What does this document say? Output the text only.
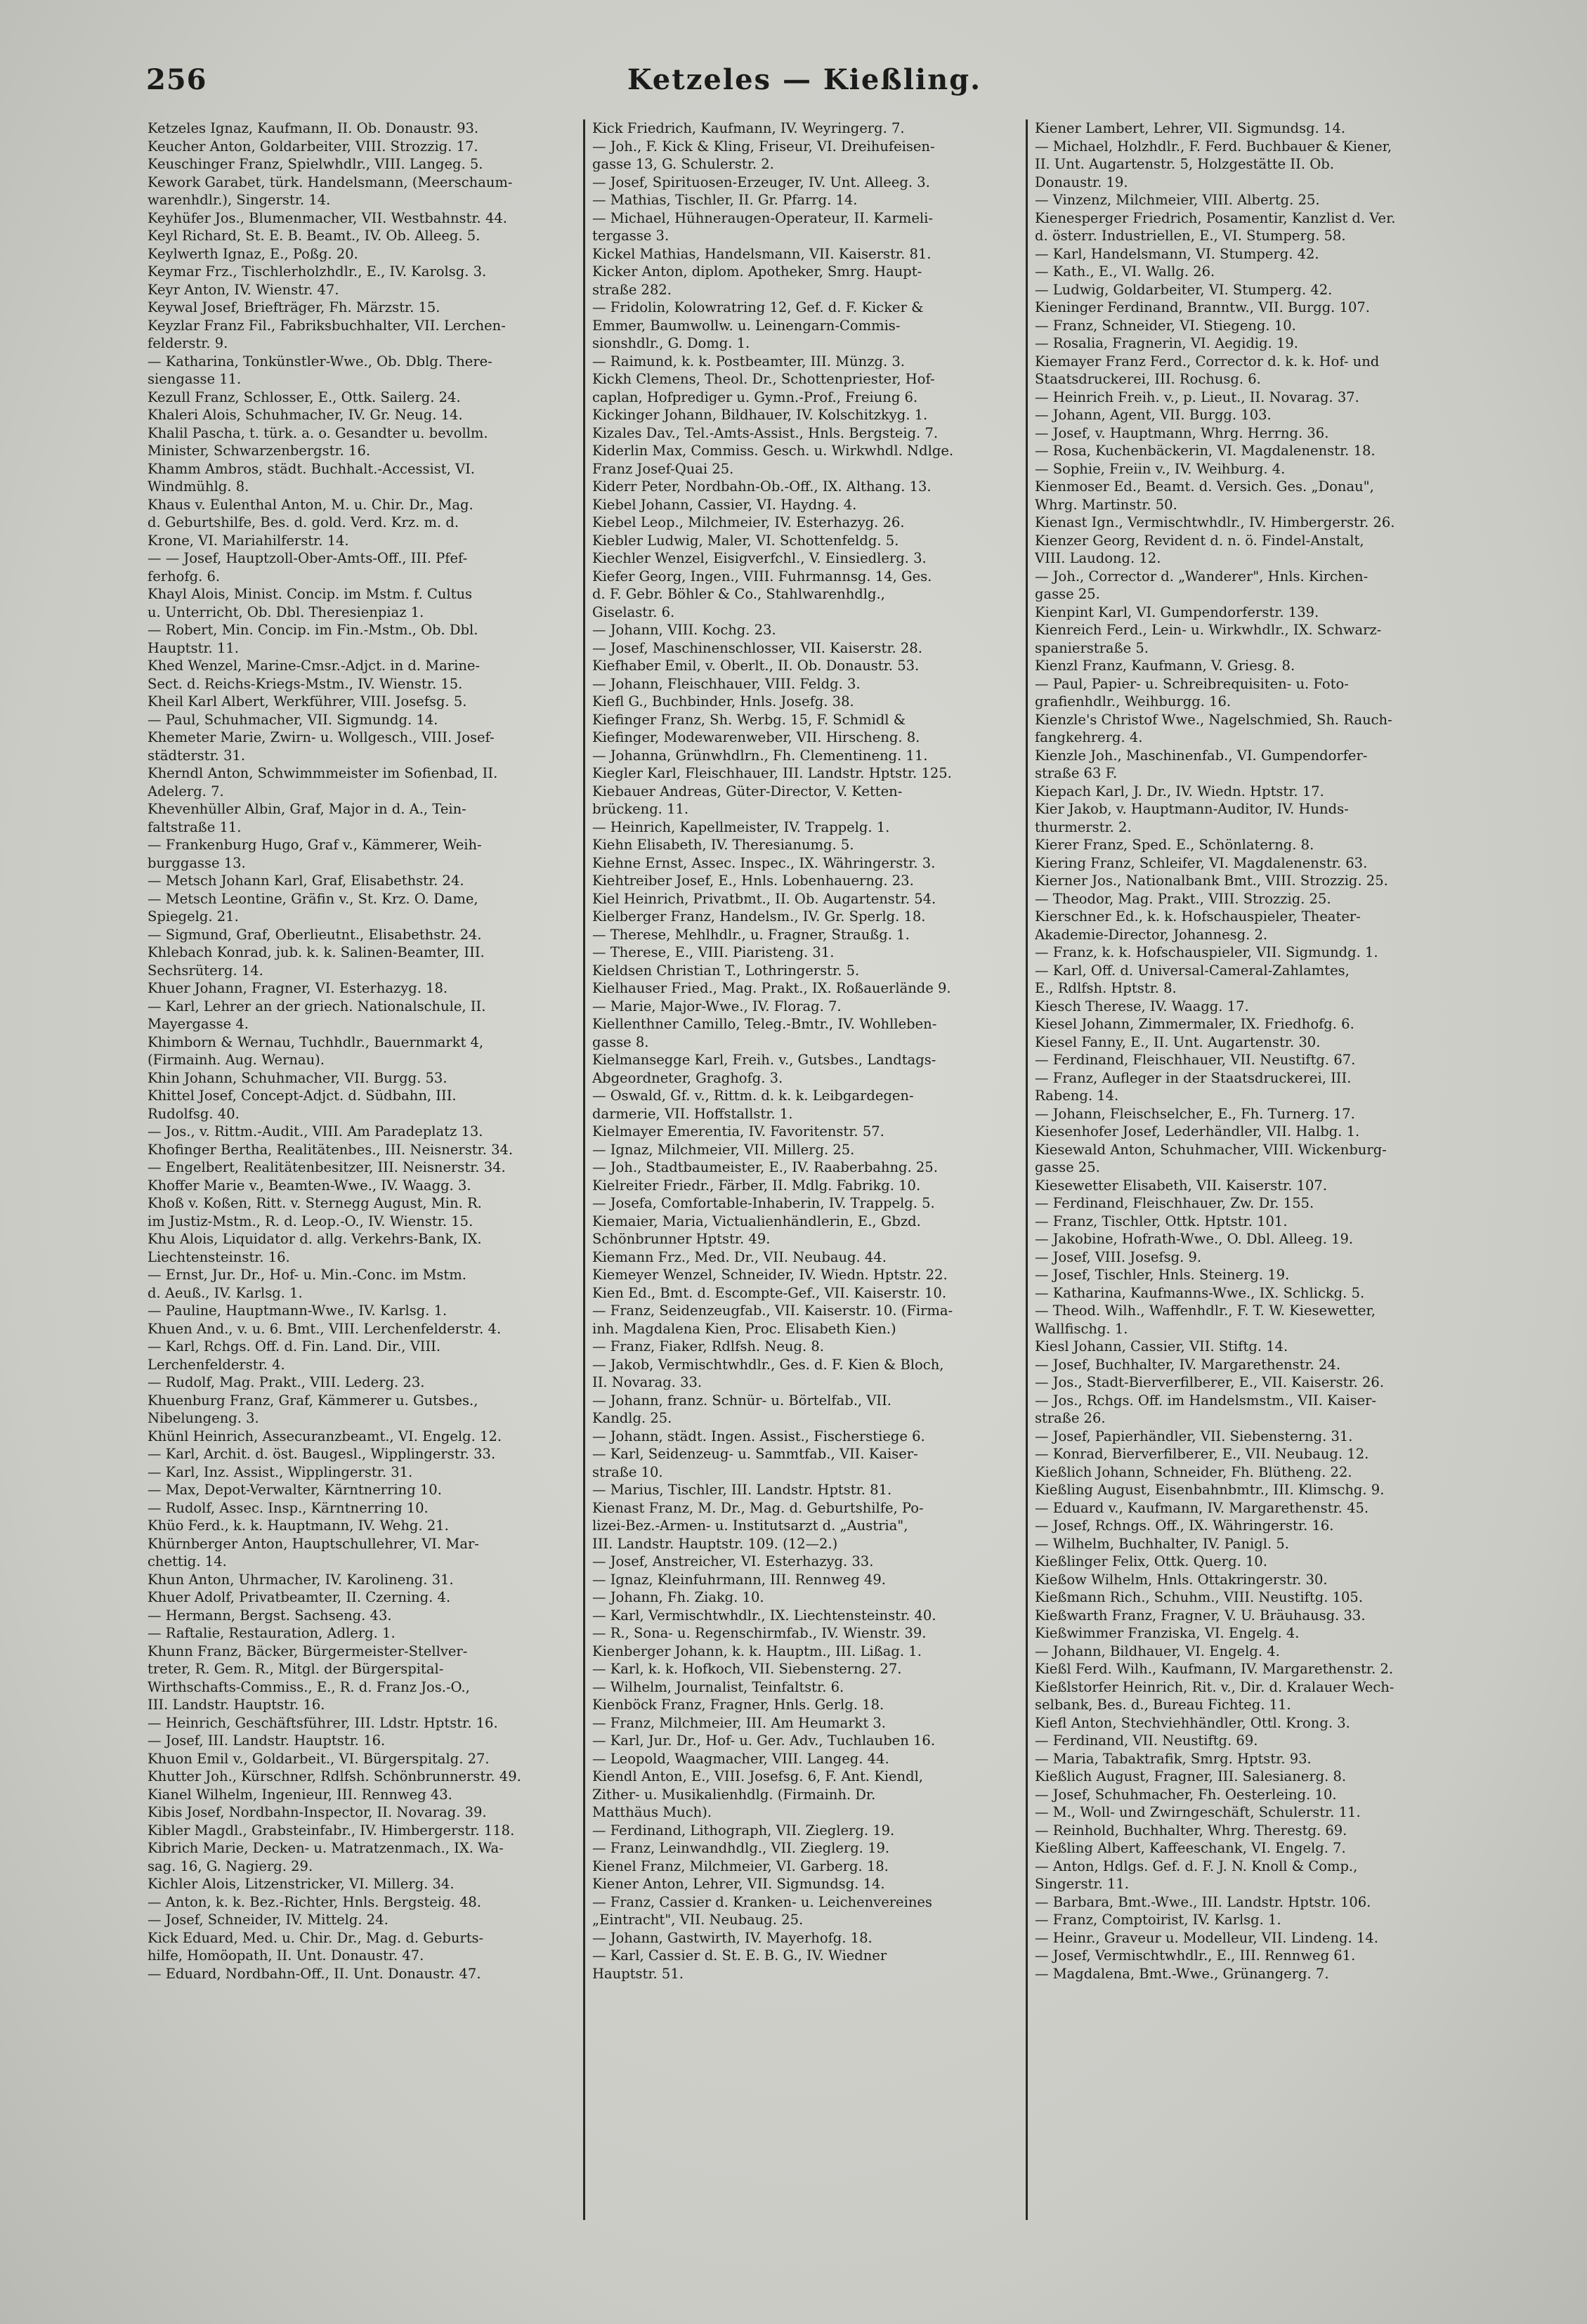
256	Ketzeles — Kießling.
Ketzeles Ignaz, Kaufmann, II. Ob. Donaustr. 93.
Keucher Anton, Goldarbeiter, VIII. Strozzig. 17.
Keuschinger Franz, Spielwhdlr., VIII. Langeg. 5.
Kework Garabet, türk. Handelsmann, (Meerschaum-
warenhdlr.), Singerstr. 14.
Keyhüfer Jos., Blumenmacher, VII. Westbahnstr. 44.
Keyl Richard, St. E. B. Beamt., IV. Ob. Alleeg. 5.
Keylwerth Ignaz, E., Poßg. 20.
Keymar Frz., Tischlerholzhdlr., E., IV. Karolsg. 3.
Keyr Anton, IV. Wienstr. 47.
Keywal Josef, Briefträger, Fh. Märzstr. 15.
Keyzlar Franz Fil., Fabriksbuchhalter, VII. Lerchen-
felderstr. 9.
— Katharina, Tonkünstler-Wwe., Ob. Dblg. There-
siengasse 11.
Kezull Franz, Schlosser, E., Ottk. Sailerg. 24.
Khaleri Alois, Schuhmacher, IV. Gr. Neug. 14.
Khalil Pascha, t. türk. a. o. Gesandter u. bevollm.
Minister, Schwarzenbergstr. 16.
Khamm Ambros, städt. Buchhalt.-Accessist, VI.
Windmühlg. 8.
Khaus v. Eulenthal Anton, M. u. Chir. Dr., Mag.
d. Geburtshilfe, Bes. d. gold. Verd. Krz. m. d.
Krone, VI. Mariahilferstr. 14.
— — Josef, Hauptzoll-Ober-Amts-Off., III. Pfef-
ferhofg. 6.
Khayl Alois, Minist. Concip. im Mstm. f. Cultus
u. Unterricht, Ob. Dbl. Theresienpiaz 1.
— Robert, Min. Concip. im Fin.-Mstm., Ob. Dbl.
Hauptstr. 11.
Khed Wenzel, Marine-Cmsr.-Adjct. in d. Marine-
Sect. d. Reichs-Kriegs-Mstm., IV. Wienstr. 15.
Kheil Karl Albert, Werkführer, VIII. Josefsg. 5.
— Paul, Schuhmacher, VII. Sigmundg. 14.
Khemeter Marie, Zwirn- u. Wollgesch., VIII. Josef-
städterstr. 31.
Kherndl Anton, Schwimmmeister im Sofienbad, II.
Adelerg. 7.
Khevenhüller Albin, Graf, Major in d. A., Tein-
faltstraße 11.
— Frankenburg Hugo, Graf v., Kämmerer, Weih-
burggasse 13.
— Metsch Johann Karl, Graf, Elisabethstr. 24.
— Metsch Leontine, Gräfin v., St. Krz. O. Dame,
Spiegelg. 21.
— Sigmund, Graf, Oberlieutnt., Elisabethstr. 24.
Khlebach Konrad, jub. k. k. Salinen-Beamter, III.
Sechsrüterg. 14.
Khuer Johann, Fragner, VI. Esterhazyg. 18.
— Karl, Lehrer an der griech. Nationalschule, II.
Mayergasse 4.
Khimborn & Wernau, Tuchhdlr., Bauernmarkt 4,
(Firmainh. Aug. Wernau).
Khin Johann, Schuhmacher, VII. Burgg. 53.
Khittel Josef, Concept-Adjct. d. Südbahn, III.
Rudolfsg. 40.
— Jos., v. Rittm.-Audit., VIII. Am Paradeplatz 13.
Khofinger Bertha, Realitätenbes., III. Neisnerstr. 34.
— Engelbert, Realitätenbesitzer, III. Neisnerstr. 34.
Khoffer Marie v., Beamten-Wwe., IV. Waagg. 3.
Khoß v. Koßen, Ritt. v. Sternegg August, Min. R.
im Justiz-Mstm., R. d. Leop.-O., IV. Wienstr. 15.
Khu Alois, Liquidator d. allg. Verkehrs-Bank, IX.
Liechtensteinstr. 16.
— Ernst, Jur. Dr., Hof- u. Min.-Conc. im Mstm.
d. Aeuß., IV. Karlsg. 1.
— Pauline, Hauptmann-Wwe., IV. Karlsg. 1.
Khuen And., v. u. 6. Bmt., VIII. Lerchenfelderstr. 4.
— Karl, Rchgs. Off. d. Fin. Land. Dir., VIII.
Lerchenfelderstr. 4.
— Rudolf, Mag. Prakt., VIII. Lederg. 23.
Khuenburg Franz, Graf, Kämmerer u. Gutsbes.,
Nibelungeng. 3.
Khünl Heinrich, Assecuranzbeamt., VI. Engelg. 12.
— Karl, Archit. d. öst. Baugesl., Wipplingerstr. 33.
— Karl, Inz. Assist., Wipplingerstr. 31.
— Max, Depot-Verwalter, Kärntnerring 10.
— Rudolf, Assec. Insp., Kärntnerring 10.
Khüo Ferd., k. k. Hauptmann, IV. Wehg. 21.
Khürnberger Anton, Hauptschullehrer, VI. Mar-
chettig. 14.
Khun Anton, Uhrmacher, IV. Karolineng. 31.
Khuer Adolf, Privatbeamter, II. Czerning. 4.
— Hermann, Bergst. Sachseng. 43.
— Raftalie, Restauration, Adlerg. 1.
Khunn Franz, Bäcker, Bürgermeister-Stellver-
treter, R. Gem. R., Mitgl. der Bürgerspital-
Wirthschafts-Commiss., E., R. d. Franz Jos.-O.,
III. Landstr. Hauptstr. 16.
— Heinrich, Geschäftsführer, III. Ldstr. Hptstr. 16.
— Josef, III. Landstr. Hauptstr. 16.
Khuon Emil v., Goldarbeit., VI. Bürgerspitalg. 27.
Khutter Joh., Kürschner, Rdlfsh. Schönbrunnerstr. 49.
Kianel Wilhelm, Ingenieur, III. Rennweg 43.
Kibis Josef, Nordbahn-Inspector, II. Novarag. 39.
Kibler Magdl., Grabsteinfabr., IV. Himbergerstr. 118.
Kibrich Marie, Decken- u. Matratzenmach., IX. Wa-
sag. 16, G. Nagierg. 29.
Kichler Alois, Litzenstricker, VI. Millerg. 34.
— Anton, k. k. Bez.-Richter, Hnls. Bergsteig. 48.
— Josef, Schneider, IV. Mittelg. 24.
Kick Eduard, Med. u. Chir. Dr., Mag. d. Geburts-
hilfe, Homöopath, II. Unt. Donaustr. 47.
— Eduard, Nordbahn-Off., II. Unt. Donaustr. 47.
Kick Friedrich, Kaufmann, IV. Weyringerg. 7.
— Joh., F. Kick & Kling, Friseur, VI. Dreihufeisen-
gasse 13, G. Schulerstr. 2.
— Josef, Spirituosen-Erzeuger, IV. Unt. Alleeg. 3.
— Mathias, Tischler, II. Gr. Pfarrg. 14.
— Michael, Hühneraugen-Operateur, II. Karmeli-
tergasse 3.
Kickel Mathias, Handelsmann, VII. Kaiserstr. 81.
Kicker Anton, diplom. Apotheker, Smrg. Haupt-
straße 282.
— Fridolin, Kolowratring 12, Gef. d. F. Kicker &
Emmer, Baumwollw. u. Leinengarn-Commis-
sionshdlr., G. Domg. 1.
— Raimund, k. k. Postbeamter, III. Münzg. 3.
Kickh Clemens, Theol. Dr., Schottenpriester, Hof-
caplan, Hofprediger u. Gymn.-Prof., Freiung 6.
Kickinger Johann, Bildhauer, IV. Kolschitzkyg. 1.
Kizales Dav., Tel.-Amts-Assist., Hnls. Bergsteig. 7.
Kiderlin Max, Commiss. Gesch. u. Wirkwhdl. Ndlge.
Franz Josef-Quai 25.
Kiderr Peter, Nordbahn-Ob.-Off., IX. Althang. 13.
Kiebel Johann, Cassier, VI. Haydng. 4.
Kiebel Leop., Milchmeier, IV. Esterhazyg. 26.
Kiebler Ludwig, Maler, VI. Schottenfeldg. 5.
Kiechler Wenzel, Eisigverfchl., V. Einsiedlerg. 3.
Kiefer Georg, Ingen., VIII. Fuhrmannsg. 14, Ges.
d. F. Gebr. Böhler & Co., Stahlwarenhdlg.,
Giselastr. 6.
— Johann, VIII. Kochg. 23.
— Josef, Maschinenschlosser, VII. Kaiserstr. 28.
Kiefhaber Emil, v. Oberlt., II. Ob. Donaustr. 53.
— Johann, Fleischhauer, VIII. Feldg. 3.
Kiefl G., Buchbinder, Hnls. Josefg. 38.
Kiefinger Franz, Sh. Werbg. 15, F. Schmidl &
Kiefinger, Modewarenweber, VII. Hirscheng. 8.
— Johanna, Grünwhdlrn., Fh. Clementineng. 11.
Kiegler Karl, Fleischhauer, III. Landstr. Hptstr. 125.
Kiebauer Andreas, Güter-Director, V. Ketten-
brückeng. 11.
— Heinrich, Kapellmeister, IV. Trappelg. 1.
Kiehn Elisabeth, IV. Theresianumg. 5.
Kiehne Ernst, Assec. Inspec., IX. Währingerstr. 3.
Kiehtreiber Josef, E., Hnls. Lobenhauerng. 23.
Kiel Heinrich, Privatbmt., II. Ob. Augartenstr. 54.
Kielberger Franz, Handelsm., IV. Gr. Sperlg. 18.
— Therese, Mehlhdlr., u. Fragner, Straußg. 1.
— Therese, E., VIII. Piaristeng. 31.
Kieldsen Christian T., Lothringerstr. 5.
Kielhauser Fried., Mag. Prakt., IX. Roßauerlände 9.
— Marie, Major-Wwe., IV. Florag. 7.
Kiellenthner Camillo, Teleg.-Bmtr., IV. Wohlleben-
gasse 8.
Kielmansegge Karl, Freih. v., Gutsbes., Landtags-
Abgeordneter, Graghofg. 3.
— Oswald, Gf. v., Rittm. d. k. k. Leibgardegen-
darmerie, VII. Hoffstallstr. 1.
Kielmayer Emerentia, IV. Favoritenstr. 57.
— Ignaz, Milchmeier, VII. Millerg. 25.
— Joh., Stadtbaumeister, E., IV. Raaberbahng. 25.
Kielreiter Friedr., Färber, II. Mdlg. Fabrikg. 10.
— Josefa, Comfortable-Inhaberin, IV. Trappelg. 5.
Kiemaier, Maria, Victualienhändlerin, E., Gbzd.
Schönbrunner Hptstr. 49.
Kiemann Frz., Med. Dr., VII. Neubaug. 44.
Kiemeyer Wenzel, Schneider, IV. Wiedn. Hptstr. 22.
Kien Ed., Bmt. d. Escompte-Gef., VII. Kaiserstr. 10.
— Franz, Seidenzeugfab., VII. Kaiserstr. 10. (Firma-
inh. Magdalena Kien, Proc. Elisabeth Kien.)
— Franz, Fiaker, Rdlfsh. Neug. 8.
— Jakob, Vermischtwhdlr., Ges. d. F. Kien & Bloch,
II. Novarag. 33.
— Johann, franz. Schnür- u. Börtelfab., VII.
Kandlg. 25.
— Johann, städt. Ingen. Assist., Fischerstiege 6.
— Karl, Seidenzeug- u. Sammtfab., VII. Kaiser-
straße 10.
— Marius, Tischler, III. Landstr. Hptstr. 81.
Kienast Franz, M. Dr., Mag. d. Geburtshilfe, Po-
lizei-Bez.-Armen- u. Institutsarzt d. „Austria",
III. Landstr. Hauptstr. 109. (12—2.)
— Josef, Anstreicher, VI. Esterhazyg. 33.
— Ignaz, Kleinfuhrmann, III. Rennweg 49.
— Johann, Fh. Ziakg. 10.
— Karl, Vermischtwhdlr., IX. Liechtensteinstr. 40.
— R., Sona- u. Regenschirmfab., IV. Wienstr. 39.
Kienberger Johann, k. k. Hauptm., III. Lißag. 1.
— Karl, k. k. Hofkoch, VII. Siebensterng. 27.
— Wilhelm, Journalist, Teinfaltstr. 6.
Kienböck Franz, Fragner, Hnls. Gerlg. 18.
— Franz, Milchmeier, III. Am Heumarkt 3.
— Karl, Jur. Dr., Hof- u. Ger. Adv., Tuchlauben 16.
— Leopold, Waagmacher, VIII. Langeg. 44.
Kiendl Anton, E., VIII. Josefsg. 6, F. Ant. Kiendl,
Zither- u. Musikalienhdlg. (Firmainh. Dr.
Matthäus Much).
— Ferdinand, Lithograph, VII. Zieglerg. 19.
— Franz, Leinwandhdlg., VII. Zieglerg. 19.
Kienel Franz, Milchmeier, VI. Garberg. 18.
Kiener Anton, Lehrer, VII. Sigmundsg. 14.
— Franz, Cassier d. Kranken- u. Leichenvereines
„Eintracht", VII. Neubaug. 25.
— Johann, Gastwirth, IV. Mayerhofg. 18.
— Karl, Cassier d. St. E. B. G., IV. Wiedner
Hauptstr. 51.
Kiener Lambert, Lehrer, VII. Sigmundsg. 14.
— Michael, Holzhdlr., F. Ferd. Buchbauer & Kiener,
II. Unt. Augartenstr. 5, Holzgestätte II. Ob.
Donaustr. 19.
— Vinzenz, Milchmeier, VIII. Albertg. 25.
Kienesperger Friedrich, Posamentir, Kanzlist d. Ver.
d. österr. Industriellen, E., VI. Stumperg. 58.
— Karl, Handelsmann, VI. Stumperg. 42.
— Kath., E., VI. Wallg. 26.
— Ludwig, Goldarbeiter, VI. Stumperg. 42.
Kieninger Ferdinand, Branntw., VII. Burgg. 107.
— Franz, Schneider, VI. Stiegeng. 10.
— Rosalia, Fragnerin, VI. Aegidig. 19.
Kiemayer Franz Ferd., Corrector d. k. k. Hof- und
Staatsdruckerei, III. Rochusg. 6.
— Heinrich Freih. v., p. Lieut., II. Novarag. 37.
— Johann, Agent, VII. Burgg. 103.
— Josef, v. Hauptmann, Whrg. Herrng. 36.
— Rosa, Kuchenbäckerin, VI. Magdalenenstr. 18.
— Sophie, Freiin v., IV. Weihburg. 4.
Kienmoser Ed., Beamt. d. Versich. Ges. „Donau",
Whrg. Martinstr. 50.
Kienast Ign., Vermischtwhdlr., IV. Himbergerstr. 26.
Kienzer Georg, Revident d. n. ö. Findel-Anstalt,
VIII. Laudong. 12.
— Joh., Corrector d. „Wanderer", Hnls. Kirchen-
gasse 25.
Kienpint Karl, VI. Gumpendorferstr. 139.
Kienreich Ferd., Lein- u. Wirkwhdlr., IX. Schwarz-
spanierstraße 5.
Kienzl Franz, Kaufmann, V. Griesg. 8.
— Paul, Papier- u. Schreibrequisiten- u. Foto-
grafienhdlr., Weihburgg. 16.
Kienzle's Christof Wwe., Nagelschmied, Sh. Rauch-
fangkehrerg. 4.
Kienzle Joh., Maschinenfab., VI. Gumpendorfer-
straße 63 F.
Kiepach Karl, J. Dr., IV. Wiedn. Hptstr. 17.
Kier Jakob, v. Hauptmann-Auditor, IV. Hunds-
thurmerstr. 2.
Kierer Franz, Sped. E., Schönlaterng. 8.
Kiering Franz, Schleifer, VI. Magdalenenstr. 63.
Kierner Jos., Nationalbank Bmt., VIII. Strozzig. 25.
— Theodor, Mag. Prakt., VIII. Strozzig. 25.
Kierschner Ed., k. k. Hofschauspieler, Theater-
Akademie-Director, Johannesg. 2.
— Franz, k. k. Hofschauspieler, VII. Sigmundg. 1.
— Karl, Off. d. Universal-Cameral-Zahlamtes,
E., Rdlfsh. Hptstr. 8.
Kiesch Therese, IV. Waagg. 17.
Kiesel Johann, Zimmermaler, IX. Friedhofg. 6.
Kiesel Fanny, E., II. Unt. Augartenstr. 30.
— Ferdinand, Fleischhauer, VII. Neustiftg. 67.
— Franz, Aufleger in der Staatsdruckerei, III.
Rabeng. 14.
— Johann, Fleischselcher, E., Fh. Turnerg. 17.
Kiesenhofer Josef, Lederhändler, VII. Halbg. 1.
Kiesewald Anton, Schuhmacher, VIII. Wickenburg-
gasse 25.
Kiesewetter Elisabeth, VII. Kaiserstr. 107.
— Ferdinand, Fleischhauer, Zw. Dr. 155.
— Franz, Tischler, Ottk. Hptstr. 101.
— Jakobine, Hofrath-Wwe., O. Dbl. Alleeg. 19.
— Josef, VIII. Josefsg. 9.
— Josef, Tischler, Hnls. Steinerg. 19.
— Katharina, Kaufmanns-Wwe., IX. Schlickg. 5.
— Theod. Wilh., Waffenhdlr., F. T. W. Kiesewetter,
Wallfischg. 1.
Kiesl Johann, Cassier, VII. Stiftg. 14.
— Josef, Buchhalter, IV. Margarethenstr. 24.
— Jos., Stadt-Bierverfilberer, E., VII. Kaiserstr. 26.
— Jos., Rchgs. Off. im Handelsmstm., VII. Kaiser-
straße 26.
— Josef, Papierhändler, VII. Siebensterng. 31.
— Konrad, Bierverfilberer, E., VII. Neubaug. 12.
Kießlich Johann, Schneider, Fh. Blütheng. 22.
Kießling August, Eisenbahnbmtr., III. Klimschg. 9.
— Eduard v., Kaufmann, IV. Margarethenstr. 45.
— Josef, Rchngs. Off., IX. Währingerstr. 16.
— Wilhelm, Buchhalter, IV. Panigl. 5.
Kießlinger Felix, Ottk. Querg. 10.
Kießow Wilhelm, Hnls. Ottakringerstr. 30.
Kießmann Rich., Schuhm., VIII. Neustiftg. 105.
Kießwarth Franz, Fragner, V. U. Bräuhausg. 33.
Kießwimmer Franziska, VI. Engelg. 4.
— Johann, Bildhauer, VI. Engelg. 4.
Kießl Ferd. Wilh., Kaufmann, IV. Margarethenstr. 2.
Kießlstorfer Heinrich, Rit. v., Dir. d. Kralauer Wech-
selbank, Bes. d., Bureau Fichteg. 11.
Kiefl Anton, Stechviehhändler, Ottl. Krong. 3.
— Ferdinand, VII. Neustiftg. 69.
— Maria, Tabaktrafik, Smrg. Hptstr. 93.
Kießlich August, Fragner, III. Salesianerg. 8.
— Josef, Schuhmacher, Fh. Oesterleing. 10.
— M., Woll- und Zwirngeschäft, Schulerstr. 11.
— Reinhold, Buchhalter, Whrg. Therestg. 69.
Kießling Albert, Kaffeeschank, VI. Engelg. 7.
— Anton, Hdlgs. Gef. d. F. J. N. Knoll & Comp.,
Singerstr. 11.
— Barbara, Bmt.-Wwe., III. Landstr. Hptstr. 106.
— Franz, Comptoirist, IV. Karlsg. 1.
— Heinr., Graveur u. Modelleur, VII. Lindeng. 14.
— Josef, Vermischtwhdlr., E., III. Rennweg 61.
— Magdalena, Bmt.-Wwe., Grünangerg. 7.
